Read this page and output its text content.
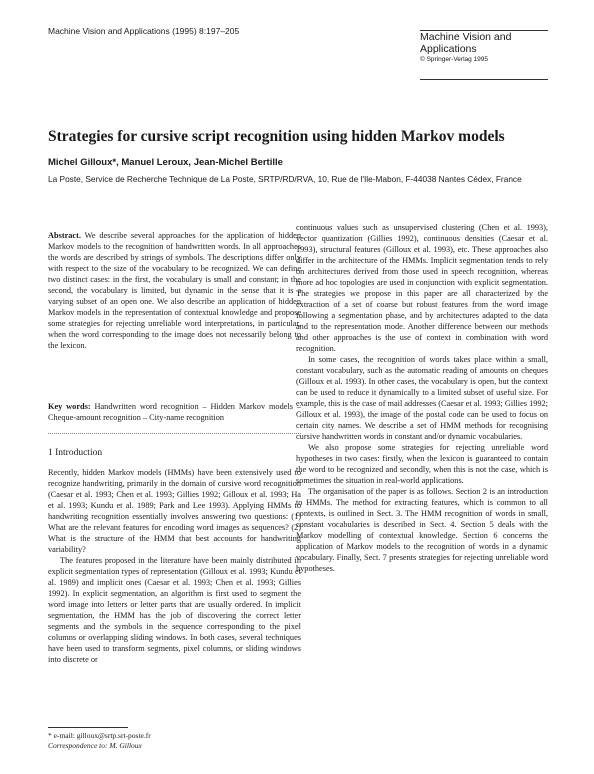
Machine Vision and Applications (1995) 8:197–205	Machine Vision and Applications
© Springer-Verlag 1995
Strategies for cursive script recognition using hidden Markov models
Michel Gilloux*, Manuel Leroux, Jean-Michel Bertille
La Poste, Service de Recherche Technique de La Poste, SRTP/RD/RVA, 10, Rue de l'Ile-Mabon, F-44038 Nantes Cédex, France

Abstract. We describe several approaches for the application of hidden Markov models to the recognition of handwritten words. In all approaches the words are described by strings of symbols. The descriptions differ only with respect to the size of the vocabulary to be recognized. We can define two distinct cases: in the first, the vocabulary is small and constant; in the second, the vocabulary is limited, but dynamic in the sense that it is a varying subset of an open one. We also describe an application of hidden Markov models in the representation of contextual knowledge and propose some strategies for rejecting unreliable word interpretations, in particular, when the word corresponding to the image does not necessarily belong to the lexicon.

Key words: Handwritten word recognition – Hidden Markov models – Cheque-amount recognition – City-name recognition

1 Introduction

Recently, hidden Markov models (HMMs) have been extensively used to recognize handwriting, primarily in the domain of cursive word recognition (Caesar et al. 1993; Chen et al. 1993; Gillies 1992; Gilloux et al. 1993; Ha et al. 1993; Kundu et al. 1989; Park and Lee 1993). Applying HMMs to handwriting recognition essentially involves answering two questions: (1) What are the relevant features for encoding word images as sequences? (2) What is the structure of the HMM that best accounts for handwriting variability?

The features proposed in the literature have been mainly distributed in explicit segmentation types of representation (Gilloux et al. 1993; Kundu et al. 1989) and implicit ones (Caesar et al. 1993; Chen et al. 1993; Gillies 1992). In explicit segmentation, an algorithm is first used to segment the word image into letters or letter parts that are usually ordered. In implicit segmentation, the HMM has the job of discovering the correct letter segments and the symbols in the sequence corresponding to the pixel columns or overlapping sliding windows. In both cases, several techniques have been used to transform segments, pixel columns, or sliding windows into discrete or

continuous values such as unsupervised clustering (Chen et al. 1993), vector quantization (Gillies 1992), continuous densities (Caesar et al. 1993), structural features (Gilloux et al. 1993), etc. These approaches also differ in the architecture of the HMMs. Implicit segmentation tends to rely on architectures derived from those used in speech recognition, whereas more ad hoc topologies are used in conjunction with explicit segmentation. The strategies we propose in this paper are all characterized by the extraction of a set of coarse but robust features from the word image following a segmentation phase, and by architectures adapted to the data and to the representation mode. Another difference between our methods and other approaches is the use of context in combination with word recognition.

In some cases, the recognition of words takes place within a small, constant vocabulary, such as the automatic reading of amounts on cheques (Gilloux et al. 1993). In other cases, the vocabulary is open, but the context can be used to reduce it dynamically to a limited subset of useful size. For example, this is the case of mail addresses (Caesar et al. 1993; Gillies 1992; Gilloux et al. 1993), the image of the postal code can be used to focus on certain city names. We describe a set of HMM methods for recognising cursive handwritten words in constant and/or dynamic vocabularies.

We also propose some strategies for rejecting unreliable word hypotheses in two cases: firstly, when the lexicon is guaranteed to contain the word to be recognized and secondly, when this is not the case, which is sometimes the situation in real-world applications.

The organisation of the paper is as follows. Section 2 is an introduction to HMMs. The method for extracting features, which is common to all contexts, is outlined in Sect. 3. The HMM recognition of words in small, constant vocabularies is described in Sect. 4. Section 5 deals with the Markov modelling of contextual knowledge. Section 6 concerns the application of Markov models to the recognition of words in a dynamic vocabulary. Finally, Sect. 7 presents strategies for rejecting unreliable word hypotheses.

* e-mail: gilloux@srtp.srt-poste.fr
Correspondence to: M. Gilloux
